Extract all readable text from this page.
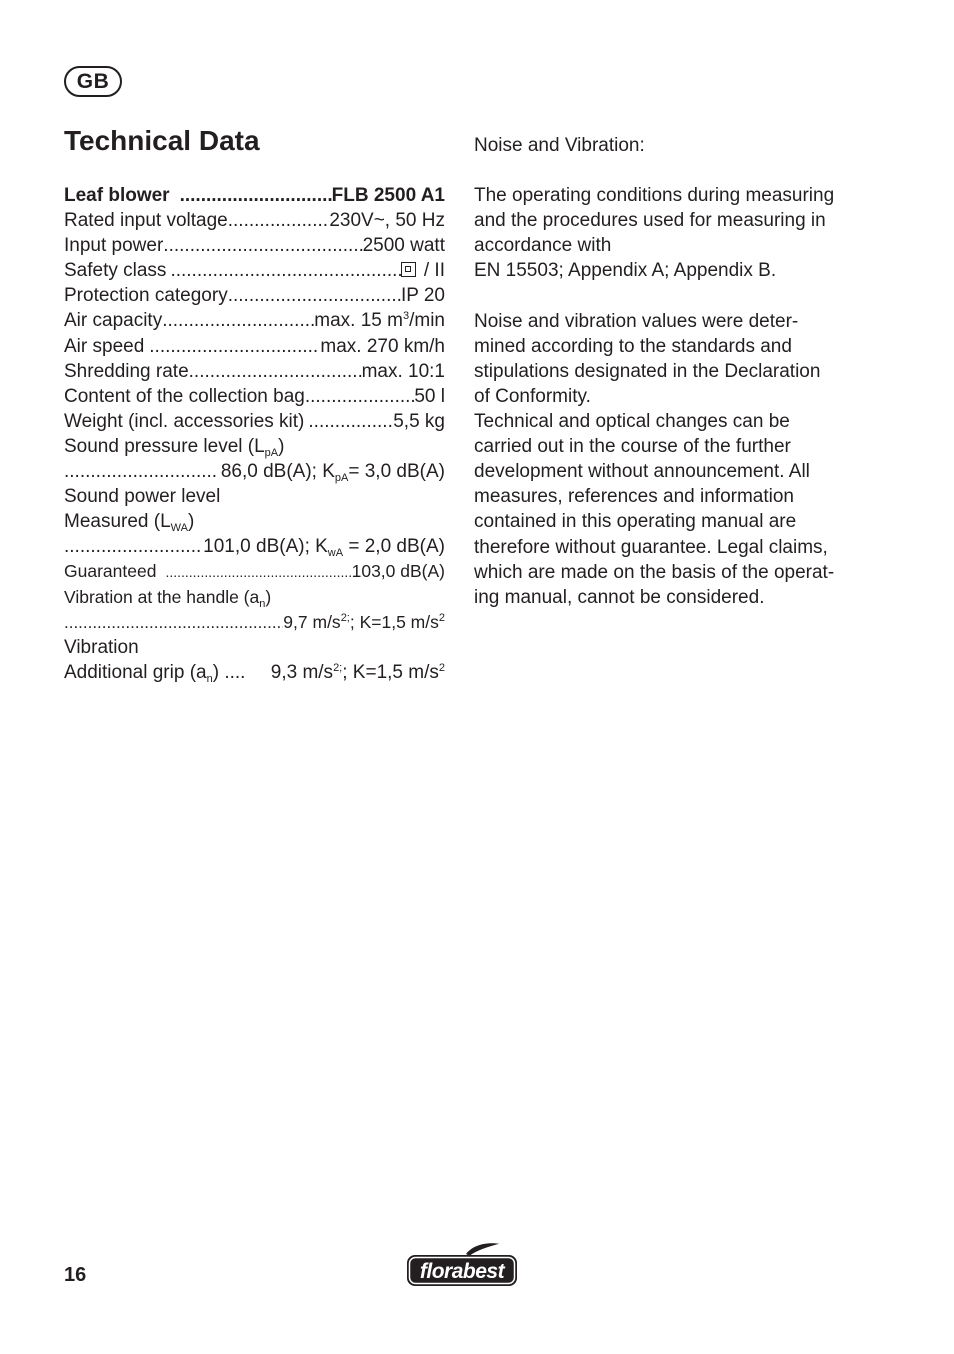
GB
Technical Data
Leaf blower .....	FLB 2500 A1
Rated input voltage .....	230V~, 50 Hz
Input power .....	2500 watt
Safety class .....	/ II
Protection category .....	IP 20
Air capacity .....	max. 15 $m^3/\min$
Air speed .....	max. 270 km/h
Shredding rate .....	max. 10:1
Content of the collection bag .....	50 l
Weight (incl. accessories kit) .....	5,5 kg
Sound pressure level $(L_{pA})$
.....
86,0 dB(A); $K_{pA}= 3,0$ dB(A)
Sound power level
Measured $(L_{WA})$
.....
101,0 dB(A); $K_{wA} = 2,0$ dB(A)
Guaranteed .....	103,0 dB(A)
Vibration at the handle $(a_n)$
.....
9,7 $m/s^{2;}$; K=1,5 $m/s^2$
Vibration
Additional grip $(a_n)$ .... 9,3 $m/s^{2;}$; K=1,5 $m/s^2$

Noise and Vibration:

The operating conditions during measuring
and the procedures used for measuring in
accordance with
EN 15503; Appendix A; Appendix B.

Noise and vibration values were deter-
mined according to the standards and
stipulations designated in the Declaration
of Conformity.

Technical and optical changes can be
carried out in the course of the further
development without announcement. All
measures, references and information
contained in this operating manual are
therefore without guarantee. Legal claims,
which are made on the basis of the operat-
ing manual, cannot be considered.

16	florabest
